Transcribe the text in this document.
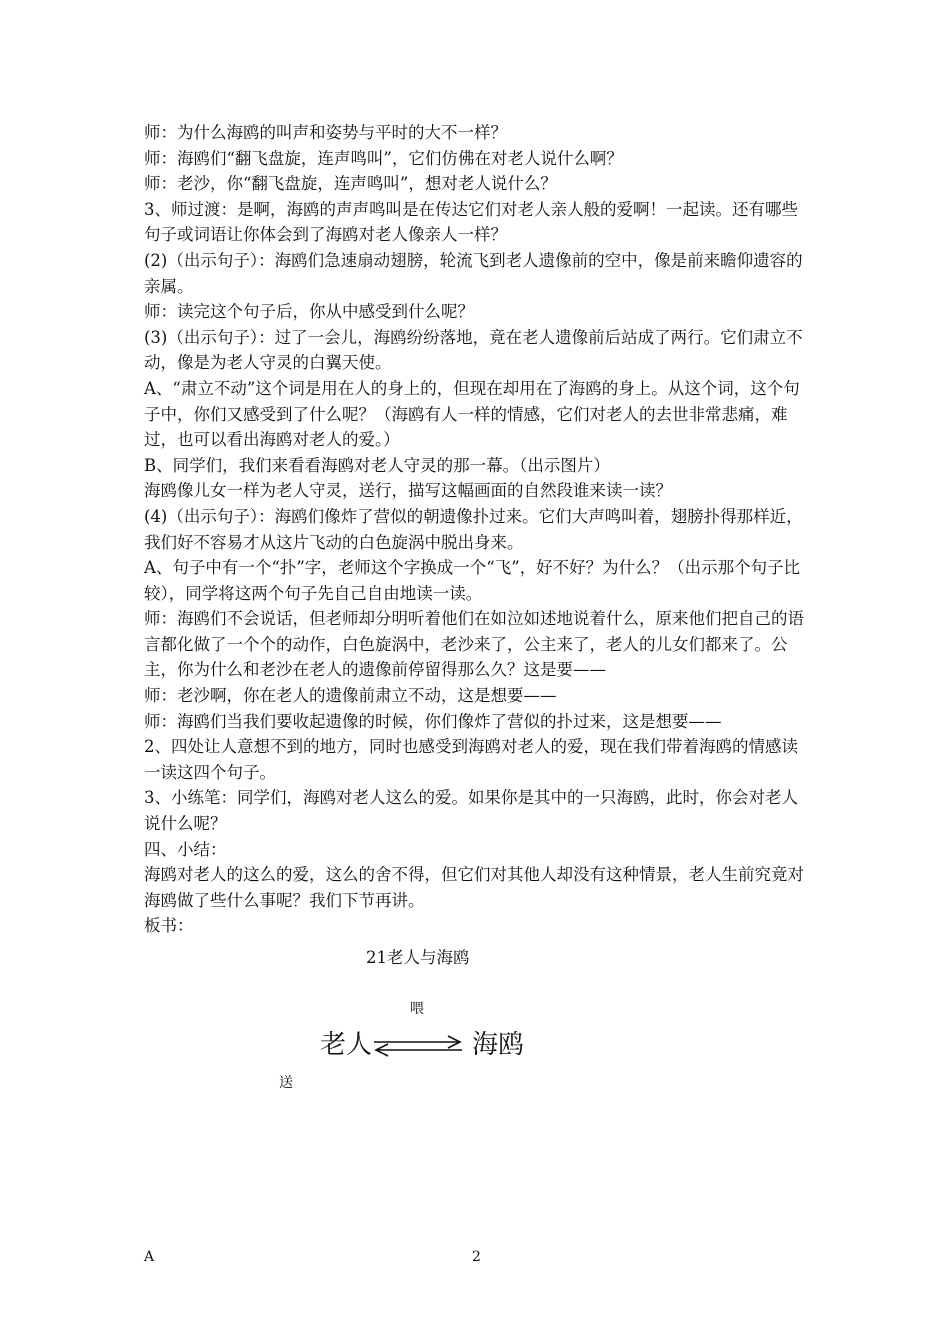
师：为什么海鸥的叫声和姿势与平时的大不一样？

师：海鸥们“翻飞盘旋，连声鸣叫”，它们仿佛在对老人说什么啊？

师：老沙，你“翻飞盘旋，连声鸣叫”，想对老人说什么？

3、师过渡：是啊，海鸥的声声鸣叫是在传达它们对老人亲人般的爱啊！一起读。还有哪些句子或词语让你体会到了海鸥对老人像亲人一样？

(2)（出示句子）：海鸥们急速扇动翅膀，轮流飞到老人遗像前的空中，像是前来瞻仰遗容的亲属。

师：读完这个句子后，你从中感受到什么呢？

(3)（出示句子）：过了一会儿，海鸥纷纷落地，竟在老人遗像前后站成了两行。它们肃立不动，像是为老人守灵的白翼天使。

A、“肃立不动”这个词是用在人的身上的，但现在却用在了海鸥的身上。从这个词，这个句子中，你们又感受到了什么呢？（海鸥有人一样的情感，它们对老人的去世非常悲痛，难过，也可以看出海鸥对老人的爱。）

B、同学们，我们来看看海鸥对老人守灵的那一幕。（出示图片）

海鸥像儿女一样为老人守灵，送行，描写这幅画面的自然段谁来读一读？

(4)（出示句子）：海鸥们像炸了营似的朝遗像扑过来。它们大声鸣叫着，翅膀扑得那样近，我们好不容易才从这片飞动的白色旋涡中脱出身来。

A、句子中有一个“扑”字，老师这个字换成一个“飞”，好不好？为什么？（出示那个句子比较），同学将这两个句子先自己自由地读一读。

师：海鸥们不会说话，但老师却分明听着他们在如泣如述地说着什么，原来他们把自己的语言都化做了一个个的动作，白色旋涡中，老沙来了，公主来了，老人的儿女们都来了。公主，你为什么和老沙在老人的遗像前停留得那么久？这是要——

师：老沙啊，你在老人的遗像前肃立不动，这是想要——

师：海鸥们当我们要收起遗像的时候，你们像炸了营似的扑过来，这是想要——

2、四处让人意想不到的地方，同时也感受到海鸥对老人的爱，现在我们带着海鸥的情感读一读这四个句子。

3、小练笔：同学们，海鸥对老人这么的爱。如果你是其中的一只海鸥，此时，你会对老人说什么呢？

四、小结：

海鸥对老人的这么的爱，这么的舍不得，但它们对其他人却没有这种情景，老人生前究竟对海鸥做了些什么事呢？我们下节再讲。

板书：

21老人与海鸥
喂
老人	海鸥
送
A	2
